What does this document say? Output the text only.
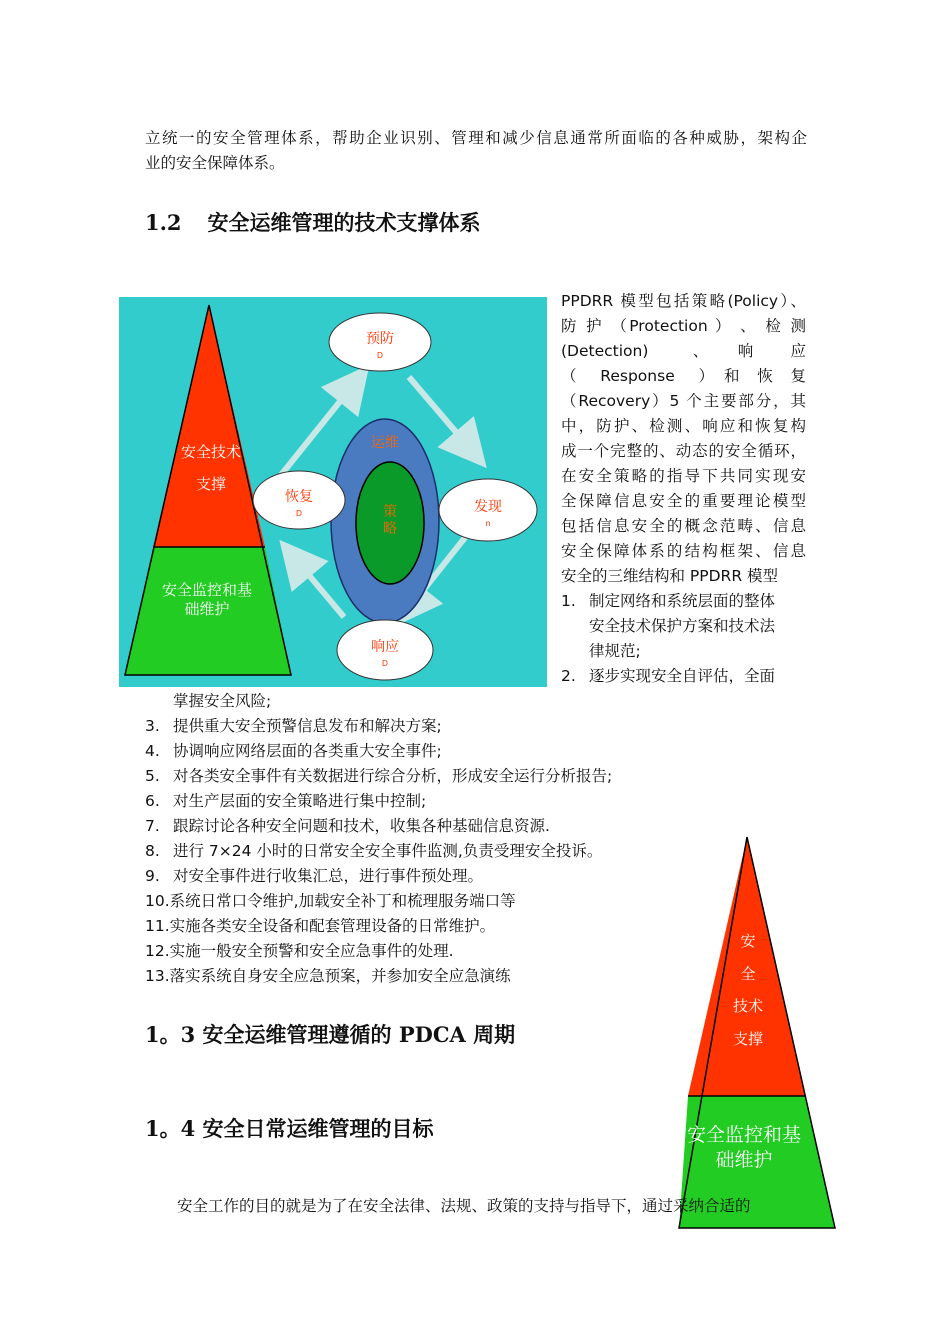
立统一的安全管理体系，帮助企业识别、管理和减少信息通常所面临的各种威胁，架构企
业的安全保障体系。
1.2 安全运维管理的技术支撑体系
安全技术
支撑
安全监控和基
础维护
运维
策
略
预防
D
恢复
D	发现
n
响应
D
PPDRR 模型包括策略(Policy）、
防 护 （Protection ） 、 检 测
(Detection)　 　、　　响　　应
（　 Response　 ）　和　恢　复
（Recovery）5 个主要部分，其
中，防护、检测、响应和恢复构
成一个完整的、动态的安全循环，
在安全策略的指导下共同实现安
全保障信息安全的重要理论模型
包括信息安全的概念范畴、信息
安全保障体系的结构框架、信息
安全的三维结构和 PPDRR 模型
1. 制定网络和系统层面的整体
安全技术保护方案和技术法
律规范;
2. 逐步实现安全自评估，全面
掌握安全风险;
3. 提供重大安全预警信息发布和解决方案;
4. 协调响应网络层面的各类重大安全事件;
5. 对各类安全事件有关数据进行综合分析，形成安全运行分析报告;
6. 对生产层面的安全策略进行集中控制;
7. 跟踪讨论各种安全问题和技术，收集各种基础信息资源.
8. 进行 7×24 小时的日常安全安全事件监测,负责受理安全投诉。
9. 对安全事件进行收集汇总，进行事件预处理。
10.系统日常口令维护,加载安全补丁和梳理服务端口等
11.实施各类安全设备和配套管理设备的日常维护。
12.实施一般安全预警和安全应急事件的处理.
13.落实系统自身安全应急预案，并参加安全应急演练
1。3 安全运维管理遵循的 PDCA 周期
1。4 安全日常运维管理的目标
安
全
技术
支撑
安全监控和基
础维护
安全工作的目的就是为了在安全法律、法规、政策的支持与指导下，通过采纳合适的
